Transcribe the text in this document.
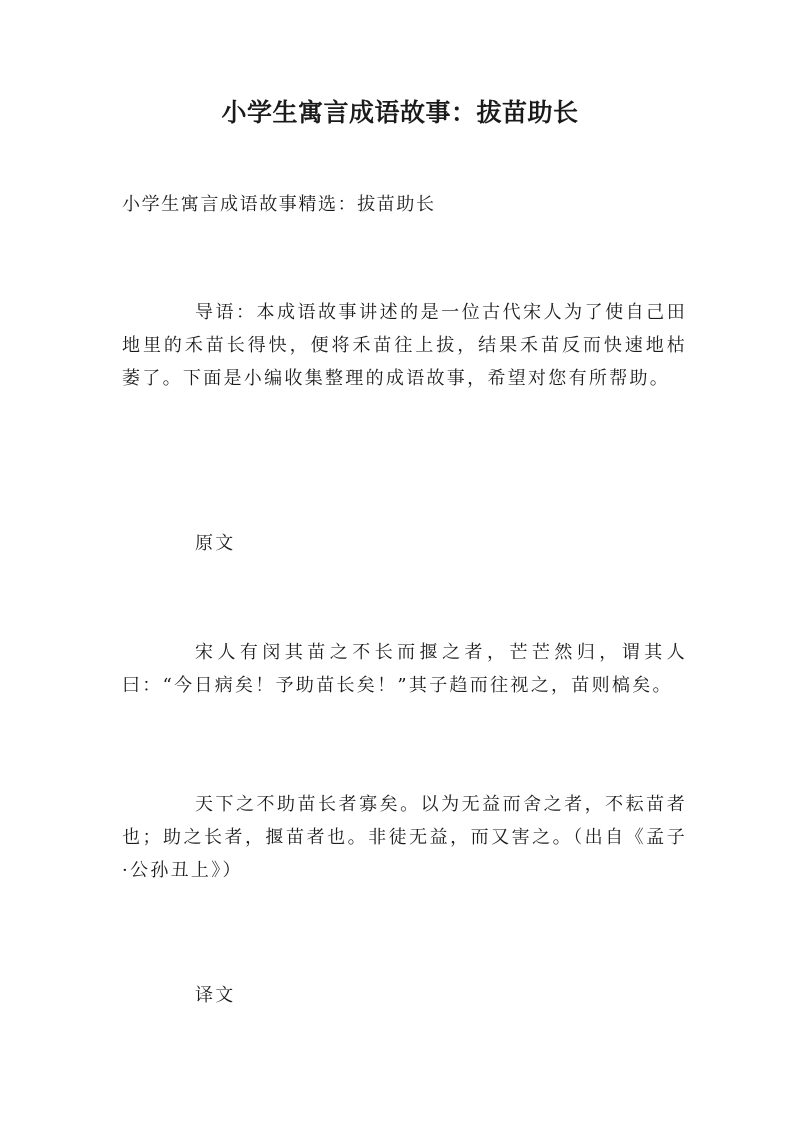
小学生寓言成语故事：拔苗助长

小学生寓言成语故事精选：拔苗助长

导语：本成语故事讲述的是一位古代宋人为了使自己田地里的禾苗长得快，便将禾苗往上拔，结果禾苗反而快速地枯萎了。下面是小编收集整理的成语故事，希望对您有所帮助。

原文

宋人有闵其苗之不长而揠之者，芒芒然归，谓其人曰：“今日病矣！予助苗长矣！”其子趋而往视之，苗则槁矣。

天下之不助苗长者寡矣。以为无益而舍之者，不耘苗者也；助之长者，揠苗者也。非徒无益，而又害之。（出自《孟子·公孙丑上》）

译文
